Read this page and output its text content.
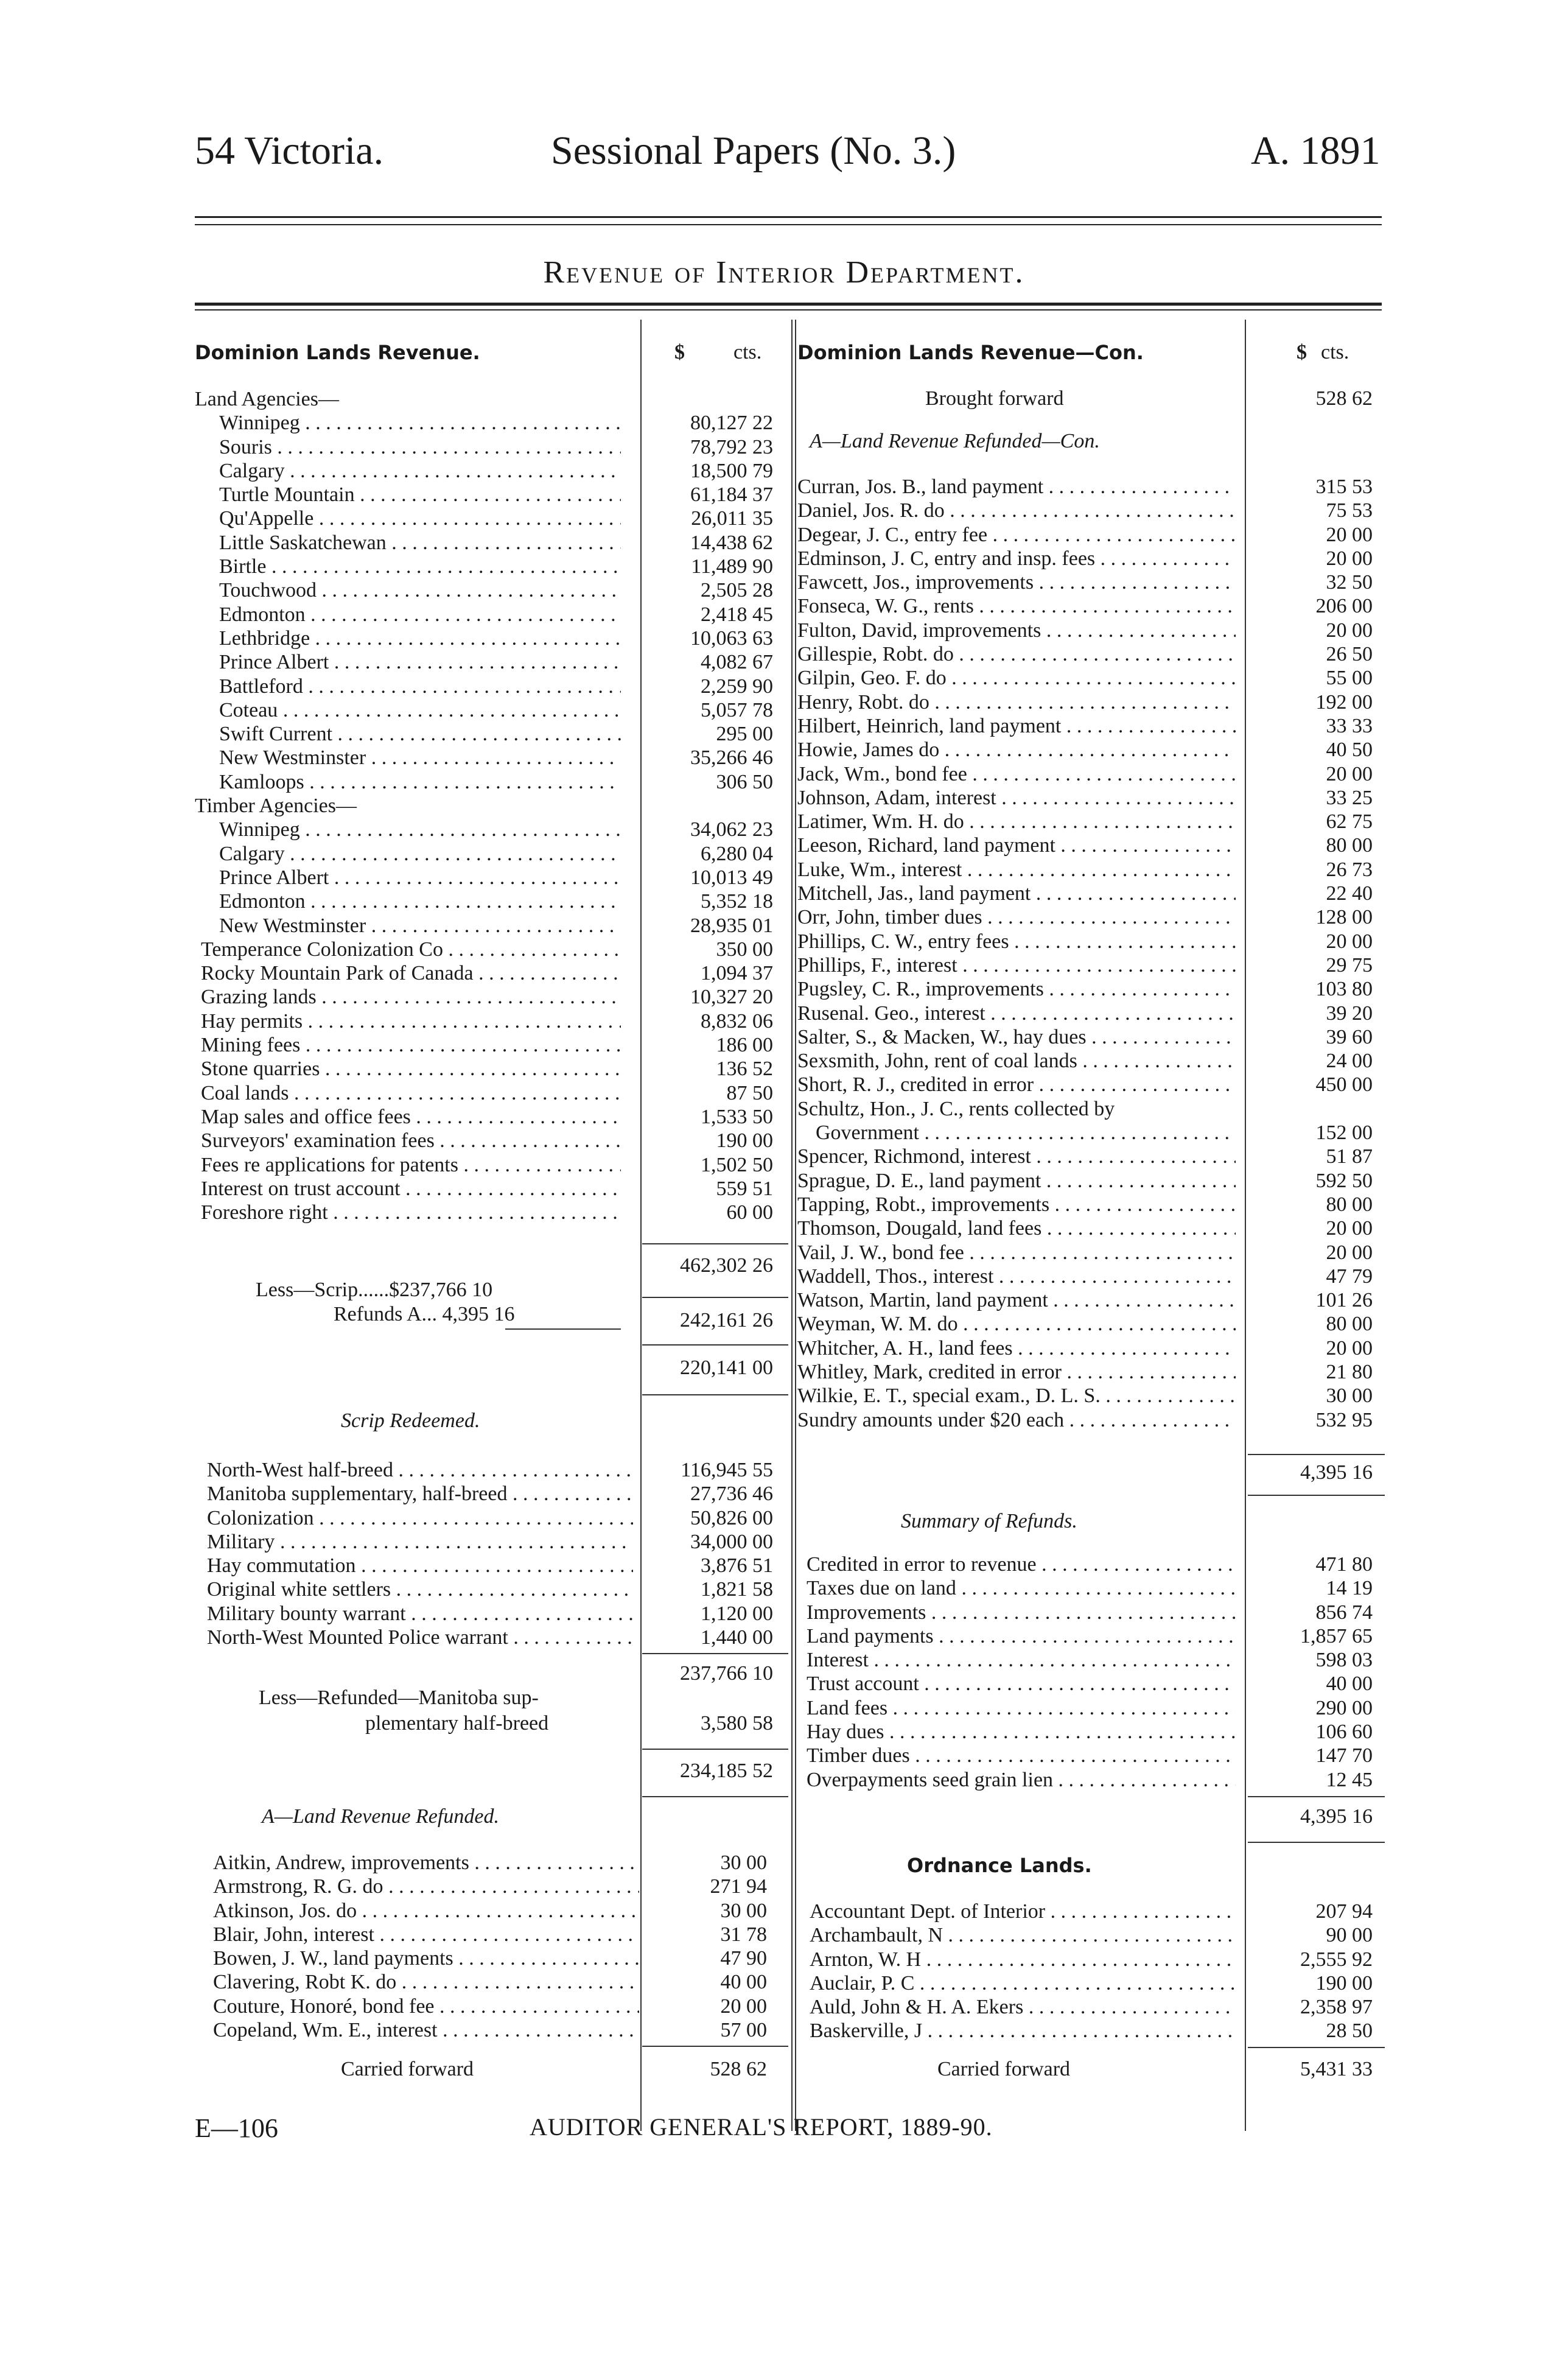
54 Victoria.	Sessional Papers (No. 3.)	A. 1891
Revenue of Interior Department.
Dominion Lands Revenue.	$ cts. Dominion Lands Revenue—Con.	$ cts.
Land Agencies—
Winnipeg . . .	80,127 22
Souris . . .	78,792 23
Calgary . . .	18,500 79
Turtle Mountain . . .	61,184 37
Qu'Appelle . . .	26,011 35
Little Saskatchewan . . .	14,438 62
Birtle . . .	11,489 90
Touchwood . . .	2,505 28
Edmonton . . .	2,418 45
Lethbridge . . .	10,063 63
Prince Albert . . .	4,082 67
Battleford . . .	2,259 90
Coteau . . .	5,057 78
Swift Current . . .	295 00
New Westminster . . .	35,266 46
Kamloops . . .	306 50
Timber Agencies—
Winnipeg . . .	34,062 23
Calgary . . .	6,280 04
Prince Albert . . .	10,013 49
Edmonton . . .	5,352 18
New Westminster . . .	28,935 01
Temperance Colonization Co . . .	350 00
Rocky Mountain Park of Canada . . .	1,094 37
Grazing lands . . .	10,327 20
Hay permits . . .	8,832 06
Mining fees . . .	186 00
Stone quarries . . .	136 52
Coal lands . . .	87 50
Map sales and office fees . . .	1,533 50
Surveyors' examination fees . . .	190 00
Fees re applications for patents . . .	1,502 50
Interest on trust account . . .	559 51
Foreshore right . . .	60 00
462,302 26
Less—Scrip......$237,766 10
Refunds A... 4,395 16	242,161 26
220,141 00
Scrip Redeemed.
North-West half-breed . . .	116,945 55
Manitoba supplementary, half-breed . . .	27,736 46
Colonization . . .	50,826 00
Military . . .	34,000 00
Hay commutation . . .	3,876 51
Original white settlers . . .	1,821 58
Military bounty warrant . . .	1,120 00
North-West Mounted Police warrant . . .	1,440 00
237,766 10
Less—Refunded—Manitoba sup-
plementary half-breed	3,580 58
234,185 52
A—Land Revenue Refunded.
Aitkin, Andrew, improvements . . .	30 00
Armstrong, R. G. do . . .	271 94
Atkinson, Jos. do . . .	30 00
Blair, John, interest . . .	31 78
Bowen, J. W., land payments . . .	47 90
Clavering, Robt K. do . . .	40 00
Couture, Honoré, bond fee . . .	20 00
Copeland, Wm. E., interest . . .	57 00
Carried forward	528 62
Brought forward	528 62
A—Land Revenue Refunded—Con.
Curran, Jos. B., land payment . . .	315 53
Daniel, Jos. R. do . . .	75 53
Degear, J. C., entry fee . . .	20 00
Edminson, J. C, entry and insp. fees . . .	20 00
Fawcett, Jos., improvements . . .	32 50
Fonseca, W. G., rents . . .	206 00
Fulton, David, improvements . . .	20 00
Gillespie, Robt. do . . .	26 50
Gilpin, Geo. F. do . . .	55 00
Henry, Robt. do . . .	192 00
Hilbert, Heinrich, land payment . . .	33 33
Howie, James do . . .	40 50
Jack, Wm., bond fee . . .	20 00
Johnson, Adam, interest . . .	33 25
Latimer, Wm. H. do . . .	62 75
Leeson, Richard, land payment . . .	80 00
Luke, Wm., interest . . .	26 73
Mitchell, Jas., land payment . . .	22 40
Orr, John, timber dues . . .	128 00
Phillips, C. W., entry fees . . .	20 00
Phillips, F., interest . . .	29 75
Pugsley, C. R., improvements . . .	103 80
Rusenal. Geo., interest . . .	39 20
Salter, S., & Macken, W., hay dues . . .	39 60
Sexsmith, John, rent of coal lands . . .	24 00
Short, R. J., credited in error . . .	450 00
Schultz, Hon., J. C., rents collected by
Government . . .	152 00
Spencer, Richmond, interest . . .	51 87
Sprague, D. E., land payment . . .	592 50
Tapping, Robt., improvements . . .	80 00
Thomson, Dougald, land fees . . .	20 00
Vail, J. W., bond fee . . .	20 00
Waddell, Thos., interest . . .	47 79
Watson, Martin, land payment . . .	101 26
Weyman, W. M. do . . .	80 00
Whitcher, A. H., land fees . . .	20 00
Whitley, Mark, credited in error . . .	21 80
Wilkie, E. T., special exam., D. L. S. . . .	30 00
Sundry amounts under $20 each . . .	532 95
4,395 16
Summary of Refunds.
Credited in error to revenue . . .	471 80
Taxes due on land . . .	14 19
Improvements . . .	856 74
Land payments . . .	1,857 65
Interest . . .	598 03
Trust account . . .	40 00
Land fees . . .	290 00
Hay dues . . .	106 60
Timber dues . . .	147 70
Overpayments seed grain lien . . .	12 45
4,395 16
Ordnance Lands.
Accountant Dept. of Interior . . .	207 94
Archambault, N . . .	90 00
Arnton, W. H . . .	2,555 92
Auclair, P. C . . .	190 00
Auld, John & H. A. Ekers . . .	2,358 97
Baskerville, J . . .	28 50
Carried forward	5,431 33
E—106	AUDITOR GENERAL'S REPORT, 1889-90.
